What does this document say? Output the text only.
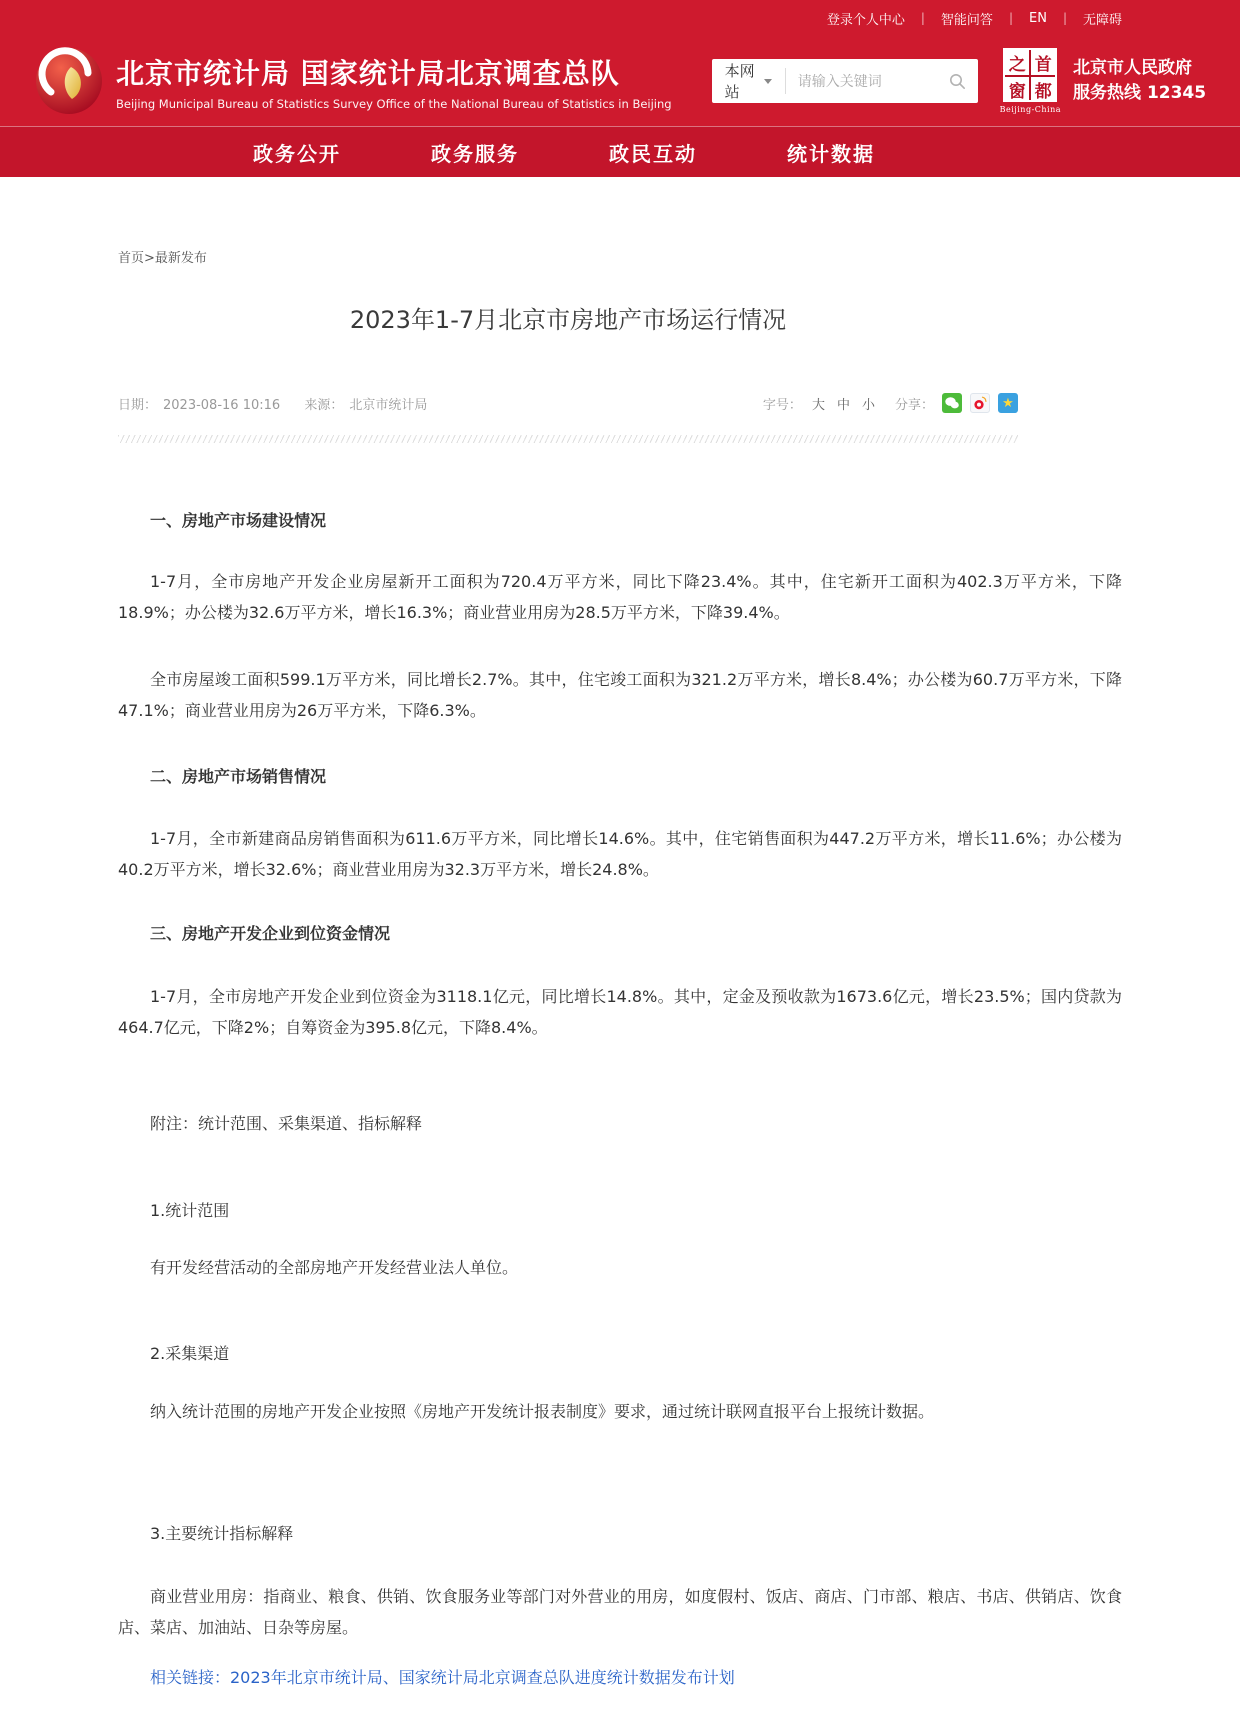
登录个人中心 | 智能问答 | EN | 无障碍
北京市统计局 国家统计局北京调查总队
Beijing Municipal Bureau of Statistics Survey Office of the National Bureau of Statistics in Beijing
本网站
请输入关键词
之 首
窗 都
Beijing-China
北京市人民政府
服务热线 12345
政务公开	政务服务	政民互动	统计数据
首页>最新发布
2023年1-7月北京市房地产市场运行情况
日期： 2023-08-16 10:16 来源： 北京市统计局	字号： 大 中 小 分享：	★

一、房地产市场建设情况

1-7月，全市房地产开发企业房屋新开工面积为720.4万平方米，同比下降23.4%。其中，住宅新开工面积为402.3万平方米，下降18.9%；办公楼为32.6万平方米，增长16.3%；商业营业用房为28.5万平方米，下降39.4%。

全市房屋竣工面积599.1万平方米，同比增长2.7%。其中，住宅竣工面积为321.2万平方米，增长8.4%；办公楼为60.7万平方米，下降47.1%；商业营业用房为26万平方米，下降6.3%。

二、房地产市场销售情况

1-7月，全市新建商品房销售面积为611.6万平方米，同比增长14.6%。其中，住宅销售面积为447.2万平方米，增长11.6%；办公楼为40.2万平方米，增长32.6%；商业营业用房为32.3万平方米，增长24.8%。

三、房地产开发企业到位资金情况

1-7月，全市房地产开发企业到位资金为3118.1亿元，同比增长14.8%。其中，定金及预收款为1673.6亿元，增长23.5%；国内贷款为464.7亿元，下降2%；自筹资金为395.8亿元，下降8.4%。

附注：统计范围、采集渠道、指标解释

1.统计范围

有开发经营活动的全部房地产开发经营业法人单位。

2.采集渠道

纳入统计范围的房地产开发企业按照《房地产开发统计报表制度》要求，通过统计联网直报平台上报统计数据。

3.主要统计指标解释

商业营业用房：指商业、粮食、供销、饮食服务业等部门对外营业的用房，如度假村、饭店、商店、门市部、粮店、书店、供销店、饮食店、菜店、加油站、日杂等房屋。

相关链接：2023年北京市统计局、国家统计局北京调查总队进度统计数据发布计划
